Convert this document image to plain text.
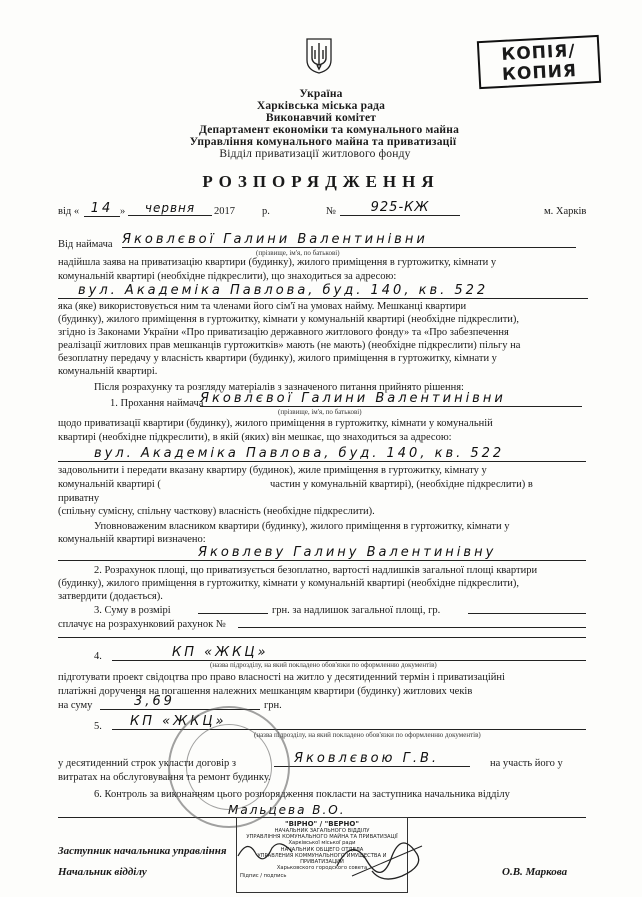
КОПІЯ/
КОПИЯ
Україна
Харківська міська рада
Виконавчий комітет
Департамент економіки та комунального майна
Управління комунального майна та приватизації
Відділ приватизації житлового фонду
РОЗПОРЯДЖЕННЯ
від « 14 »	червня	2017	р.	№	925-КЖ	м. Харків
Від наймача Яковлєвої Галини Валентинівни
(прізвище, ім'я, по батькові)
надійшла заява на приватизацію квартири (будинку), жилого приміщення в гуртожитку, кімнати у
комунальній квартирі (необхідне підкреслити), що знаходиться за адресою:
вул. Академіка Павлова, буд. 140, кв. 522
яка (яке) використовується ним та членами його сім'ї на умовах найму. Мешканці квартири
(будинку), жилого приміщення в гуртожитку, кімнати у комунальній квартирі (необхідне підкреслити),
згідно із Законами України «Про приватизацію державного житлового фонду» та «Про забезпечення
реалізації житлових прав мешканців гуртожитків» мають (не мають) (необхідне підкреслити) пільгу на
безоплатну передачу у власність квартири (будинку), жилого приміщення в гуртожитку, кімнати у
комунальній квартирі.
Після розрахунку та розгляду матеріалів з зазначеного питання прийнято рішення:
1. Прохання наймача
Яковлєвої Галини Валентинівни
(прізвище, ім'я, по батькові)
щодо приватизації квартири (будинку), жилого приміщення в гуртожитку, кімнати у комунальній
квартирі (необхідне підкреслити), в якій (яких) він мешкає, що знаходиться за адресою:
вул. Академіка Павлова, буд. 140, кв. 522
задовольнити і передати вказану квартиру (будинок), жиле приміщення в гуртожитку, кімнату у
комунальній квартирі (	частин у комунальній квартирі), (необхідне підкреслити) в
приватну
(спільну сумісну, спільну часткову) власність (необхідне підкреслити).
Уповноваженим власником квартири (будинку), жилого приміщення в гуртожитку, кімнати у
комунальній квартирі визначено:
Яковлеву Галину Валентинівну
2. Розрахунок площі, що приватизується безоплатно, вартості надлишків загальної площі квартири
(будинку), жилого приміщення в гуртожитку, кімнати у комунальній квартирі (необхідне підкреслити),
затвердити (додається).
3. Суму в розмірі	грн. за надлишок загальної площі, гр.
сплачує на розрахунковий рахунок №
4.	КП «ЖКЦ»
(назва підрозділу, на який покладено обов'язки по оформленню документів)
підготувати проект свідоцтва про право власності на житло у десятиденний термін і приватизаційні
платіжні доручення на погашення належних мешканцям квартири (будинку) житлових чеків
на суму	3,69	грн.
5.	КП «ЖКЦ»
(назва підрозділу, на який покладено обов'язки по оформленню документів)
у десятиденний строк укласти договір з	Яковлєвою Г.В.	на участь його у
витратах на обслуговування та ремонт будинку.
6. Контроль за виконанням цього розпорядження покласти на заступника начальника відділу
Мальцева В.О.
Заступник начальника управління
Начальник відділу	О.В. Маркова
"ВІРНО" / "ВЕРНО"
НАЧАЛЬНИК ЗАГАЛЬНОГО ВІДДІЛУ
УПРАВЛІННЯ КОМУНАЛЬНОГО МАЙНА ТА ПРИВАТИЗАЦІЇ
Харківської міської ради
НАЧАЛЬНИК ОБЩЕГО ОТДЕЛА
УПРАВЛЕНИЯ КОММУНАЛЬНОГО ИМУЩЕСТВА И ПРИВАТИЗАЦИИ
Харьковского городского совета
Підпис / подпись
